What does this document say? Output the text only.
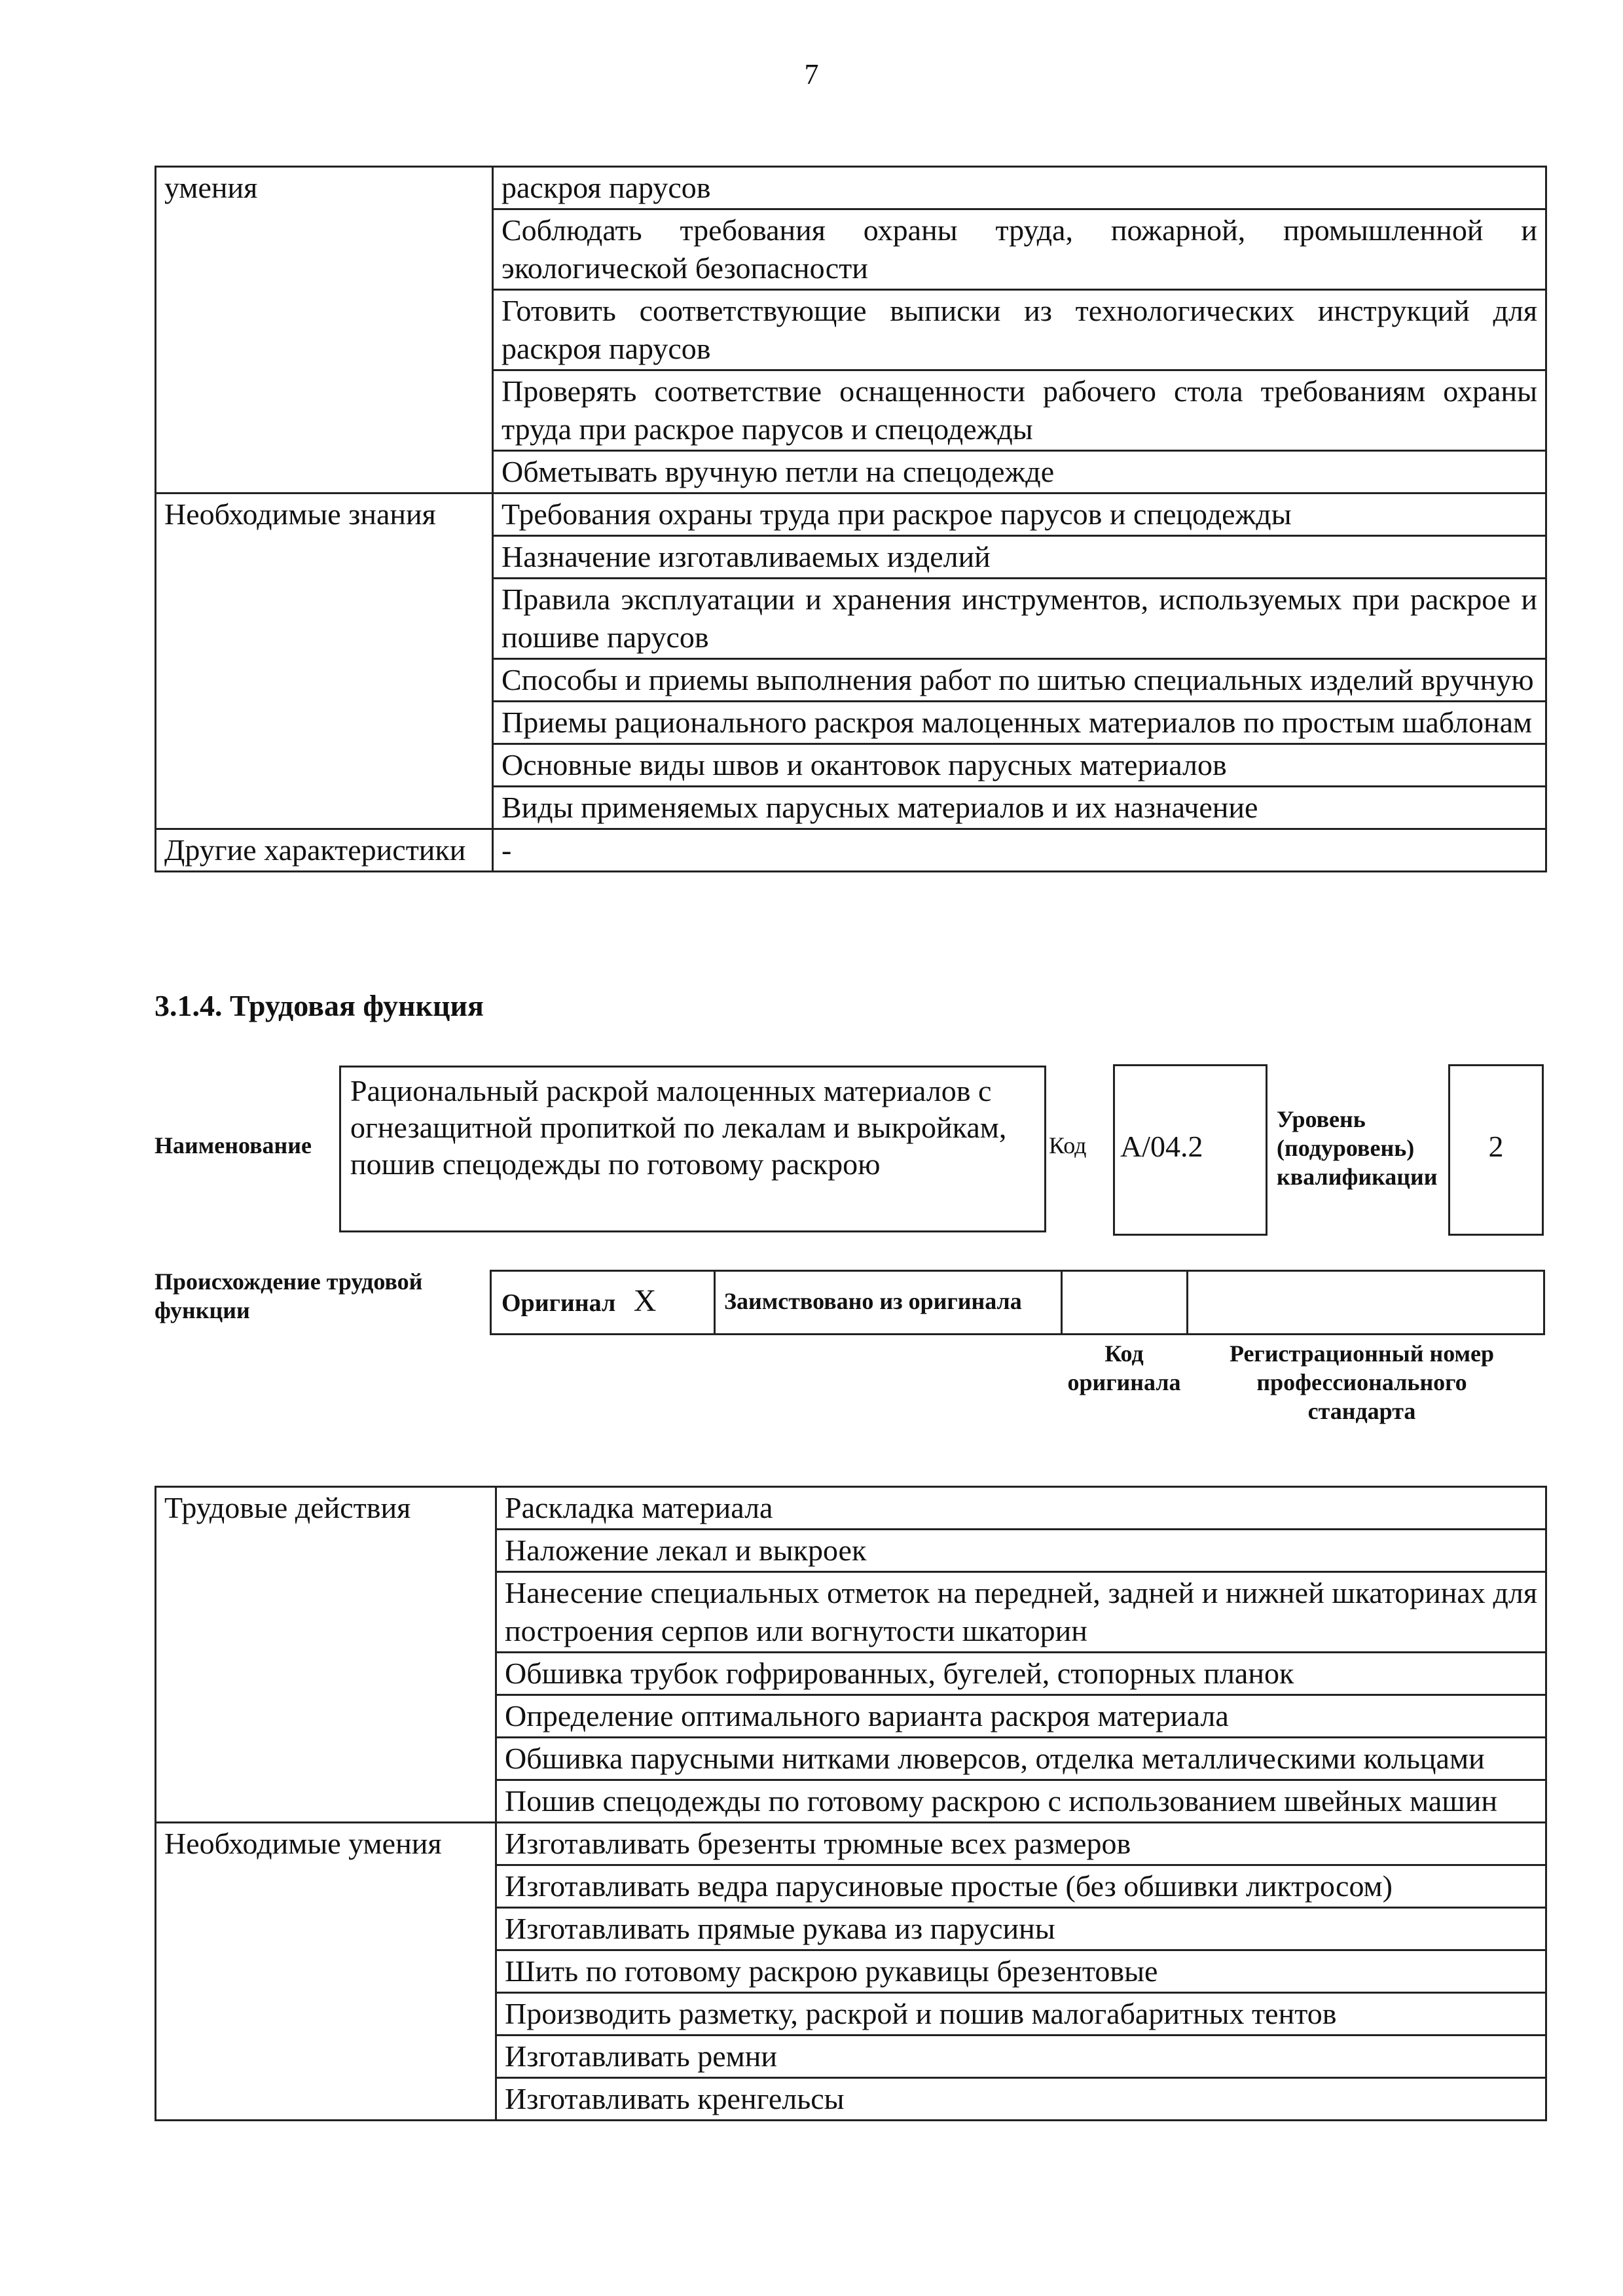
7
умения	раскроя парусов
	Соблюдать требования охраны труда, пожарной, промышленной и экологической безопасности
	Готовить соответствующие выписки из технологических инструкций для раскроя парусов
	Проверять соответствие оснащенности рабочего стола требованиям охраны труда при раскрое парусов и спецодежды
	Обметывать вручную петли на спецодежде
Необходимые знания	Требования охраны труда при раскрое парусов и спецодежды
	Назначение изготавливаемых изделий
	Правила эксплуатации и хранения инструментов, используемых при раскрое и пошиве парусов
	Способы и приемы выполнения работ по шитью специальных изделий вручную
	Приемы рационального раскроя малоценных материалов по простым шаблонам
	Основные виды швов и окантовок парусных материалов
	Виды применяемых парусных материалов и их назначение
Другие характеристики	-
3.1.4. Трудовая функция
Наименование
Рациональный раскрой малоценных материалов с огнезащитной пропиткой по лекалам и выкройкам, пошив спецодежды по готовому раскрою
Код А/04.2
Уровень (подуровень) квалификации
2
Происхождение трудовой функции	Оригинал X	Заимствовано из оригинала
Код оригинала
Регистрационный номер профессионального стандарта
Трудовые действия	Раскладка материала
	Наложение лекал и выкроек
	Нанесение специальных отметок на передней, задней и нижней шкаторинах для построения серпов или вогнутости шкаторин
	Обшивка трубок гофрированных, бугелей, стопорных планок
	Определение оптимального варианта раскроя материала
	Обшивка парусными нитками люверсов, отделка металлическими кольцами
	Пошив спецодежды по готовому раскрою с использованием швейных машин
Необходимые умения	Изготавливать брезенты трюмные всех размеров
	Изготавливать ведра парусиновые простые (без обшивки ликтросом)
	Изготавливать прямые рукава из парусины
	Шить по готовому раскрою рукавицы брезентовые
	Производить разметку, раскрой и пошив малогабаритных тентов
	Изготавливать ремни
	Изготавливать кренгельсы
